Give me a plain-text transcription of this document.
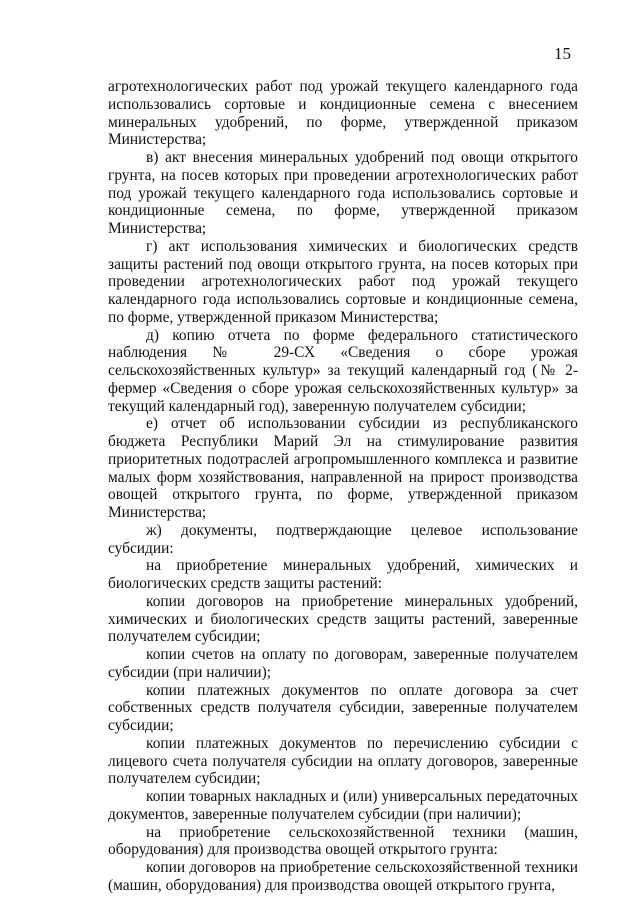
15

агротехнологических работ под урожай текущего календарного года использовались сортовые и кондиционные семена с внесением минеральных удобрений, по форме, утвержденной приказом Министерства;

в) акт внесения минеральных удобрений под овощи открытого грунта, на посев которых при проведении агротехнологических работ под урожай текущего календарного года использовались сортовые и кондиционные семена, по форме, утвержденной приказом Министерства;

г) акт использования химических и биологических средств защиты растений под овощи открытого грунта, на посев которых при проведении агротехнологических работ под урожай текущего календарного года использовались сортовые и кондиционные семена, по форме, утвержденной приказом Министерства;

д) копию отчета по форме федерального статистического наблюдения № 29-СХ «Сведения о сборе урожая сельскохозяйственных культур» за текущий календарный год (№ 2-фермер «Сведения о сборе урожая сельскохозяйственных культур» за текущий календарный год), заверенную получателем субсидии;

е) отчет об использовании субсидии из республиканского бюджета Республики Марий Эл на стимулирование развития приоритетных подотраслей агропромышленного комплекса и развитие малых форм хозяйствования, направленной на прирост производства овощей открытого грунта, по форме, утвержденной приказом Министерства;

ж) документы, подтверждающие целевое использование субсидии:

на приобретение минеральных удобрений, химических и биологических средств защиты растений:

копии договоров на приобретение минеральных удобрений, химических и биологических средств защиты растений, заверенные получателем субсидии;

копии счетов на оплату по договорам, заверенные получателем субсидии (при наличии);

копии платежных документов по оплате договора за счет собственных средств получателя субсидии, заверенные получателем субсидии;

копии платежных документов по перечислению субсидии с лицевого счета получателя субсидии на оплату договоров, заверенные получателем субсидии;

копии товарных накладных и (или) универсальных передаточных документов, заверенные получателем субсидии (при наличии);

на приобретение сельскохозяйственной техники (машин, оборудования) для производства овощей открытого грунта:

копии договоров на приобретение сельскохозяйственной техники (машин, оборудования) для производства овощей открытого грунта,
